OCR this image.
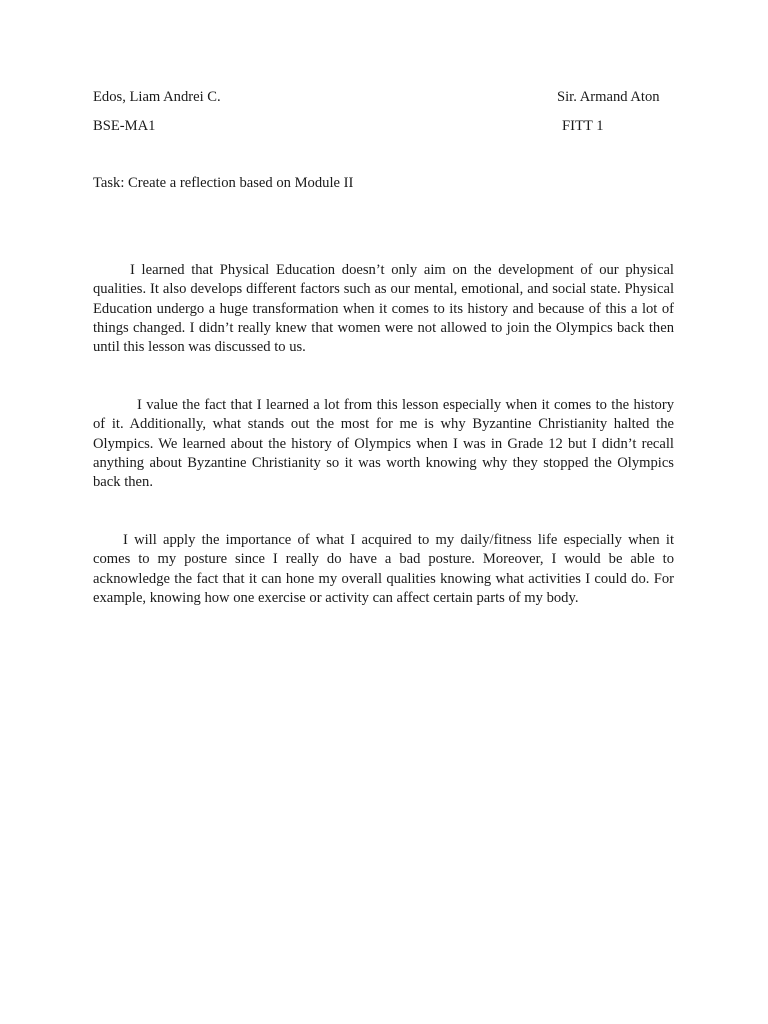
Edos, Liam Andrei C.	Sir. Armand Aton
BSE-MA1	FITT 1
Task: Create a reflection based on Module II

I learned that Physical Education doesn’t only aim on the development of our physical qualities. It also develops different factors such as our mental, emotional, and social state. Physical Education undergo a huge transformation when it comes to its history and because of this a lot of things changed. I didn’t really knew that women were not allowed to join the Olympics back then until this lesson was discussed to us.

I value the fact that I learned a lot from this lesson especially when it comes to the history of it. Additionally, what stands out the most for me is why Byzantine Christianity halted the Olympics. We learned about the history of Olympics when I was in Grade 12 but I didn’t recall anything about Byzantine Christianity so it was worth knowing why they stopped the Olympics back then.

I will apply the importance of what I acquired to my daily/fitness life especially when it comes to my posture since I really do have a bad posture. Moreover, I would be able to acknowledge the fact that it can hone my overall qualities knowing what activities I could do. For example, knowing how one exercise or activity can affect certain parts of my body.
